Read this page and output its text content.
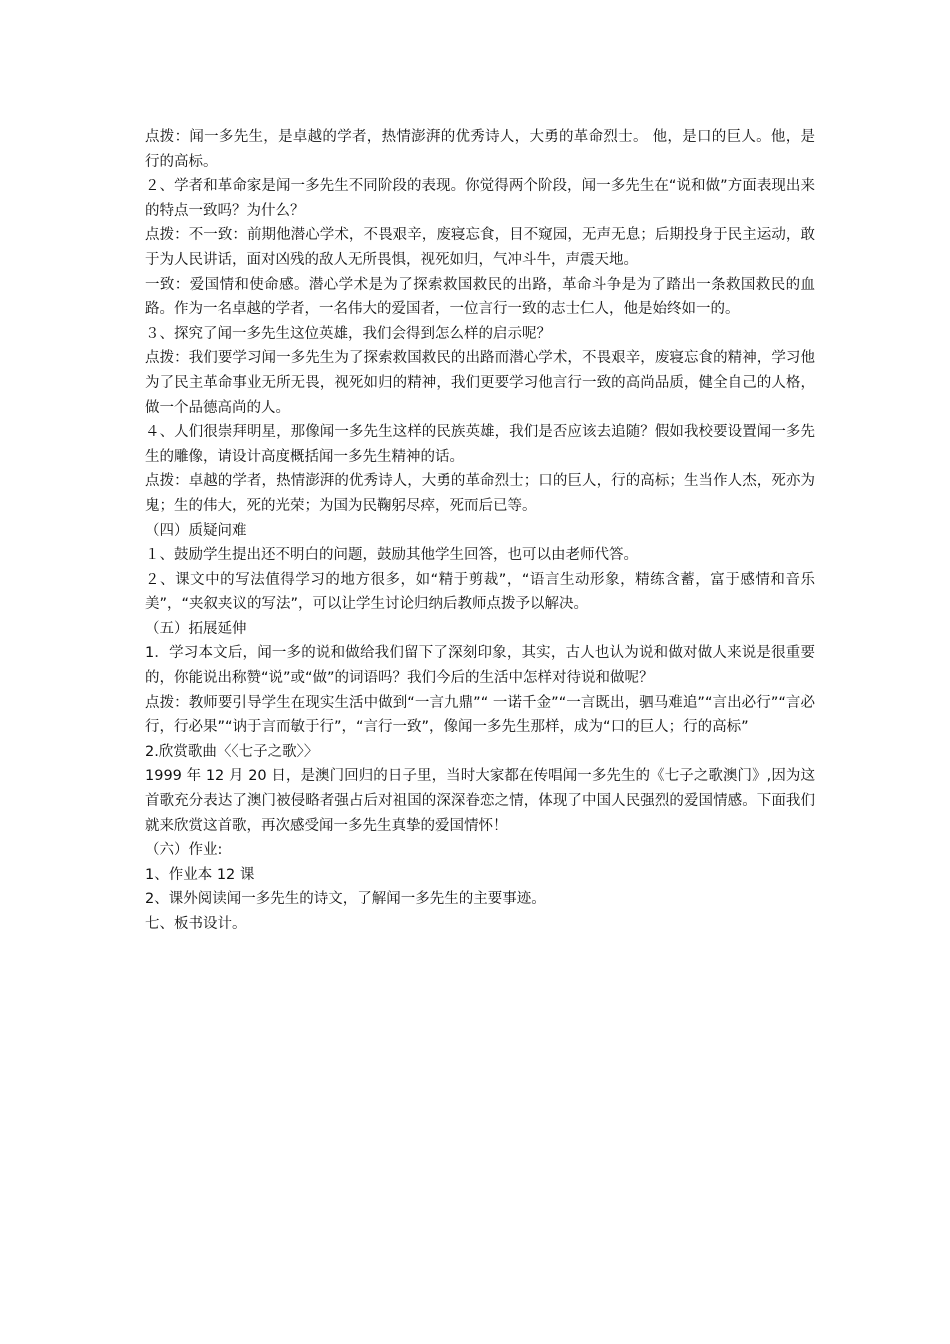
点拨：闻一多先生，是卓越的学者，热情澎湃的优秀诗人，大勇的革命烈士。 他，是口的巨人。他，是行的高标。

２、学者和革命家是闻一多先生不同阶段的表现。你觉得两个阶段，闻一多先生在“说和做”方面表现出来的特点一致吗？为什么？

点拨：不一致：前期他潜心学术，不畏艰辛，废寝忘食，目不窥园，无声无息；后期投身于民主运动，敢于为人民讲话，面对凶残的敌人无所畏惧，视死如归，气冲斗牛，声震天地。

一致：爱国情和使命感。潜心学术是为了探索救国救民的出路，革命斗争是为了踏出一条救国救民的血路。作为一名卓越的学者，一名伟大的爱国者，一位言行一致的志士仁人，他是始终如一的。

３、探究了闻一多先生这位英雄，我们会得到怎么样的启示呢？

点拨：我们要学习闻一多先生为了探索救国救民的出路而潜心学术，不畏艰辛，废寝忘食的精神，学习他为了民主革命事业无所无畏，视死如归的精神，我们更要学习他言行一致的高尚品质，健全自己的人格，做一个品德高尚的人。

４、人们很崇拜明星，那像闻一多先生这样的民族英雄，我们是否应该去追随？假如我校要设置闻一多先生的雕像，请设计高度概括闻一多先生精神的话。

点拨：卓越的学者，热情澎湃的优秀诗人，大勇的革命烈士；口的巨人，行的高标；生当作人杰，死亦为鬼；生的伟大，死的光荣；为国为民鞠躬尽瘁，死而后已等。

（四）质疑问难

１、鼓励学生提出还不明白的问题，鼓励其他学生回答，也可以由老师代答。

２、课文中的写法值得学习的地方很多，如“精于剪裁”，“语言生动形象，精练含蓄，富于感情和音乐美”，“夹叙夹议的写法”，可以让学生讨论归纳后教师点拨予以解决。

（五）拓展延伸

1．学习本文后，闻一多的说和做给我们留下了深刻印象，其实，古人也认为说和做对做人来说是很重要的，你能说出称赞“说”或“做”的词语吗？我们今后的生活中怎样对待说和做呢？

点拨：教师要引导学生在现实生活中做到“一言九鼎”“ 一诺千金”“一言既出，驷马难追”“言出必行”“言必行，行必果”“讷于言而敏于行”，“言行一致”，像闻一多先生那样，成为“口的巨人；行的高标”

2.欣赏歌曲〈〈七子之歌〉〉

1999 年 12 月 20 日，是澳门回归的日子里，当时大家都在传唱闻一多先生的《七子之歌澳门》,因为这首歌充分表达了澳门被侵略者强占后对祖国的深深眷恋之情，体现了中国人民强烈的爱国情感。下面我们就来欣赏这首歌，再次感受闻一多先生真挚的爱国情怀！

（六）作业:

1、作业本 12 课

2、课外阅读闻一多先生的诗文，了解闻一多先生的主要事迹。

七、板书设计。
